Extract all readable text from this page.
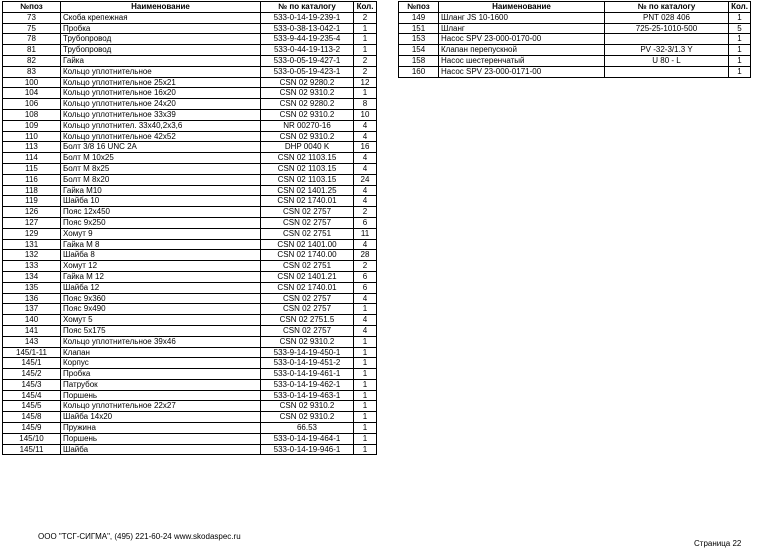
№поз	Наименование	№ по каталогу	Кол.
73	Скоба крепежная	533-0-14-19-239-1	2
75	Пробка	533-0-38-13-042-1	1
78	Трубопровод	533-9-44-19-235-4	1
81	Трубопровод	533-0-44-19-113-2	1
82	Гайка	533-0-05-19-427-1	2
83	Кольцо уплотнительное	533-0-05-19-423-1	2
100	Кольцо уплотнительное 25x21	CSN 02 9280.2	12
104	Кольцо уплотнительное 16x20	CSN 02 9310.2	1
106	Кольцо уплотнительное 24x20	CSN 02 9280.2	8
108	Кольцо уплотнительное 33x39	CSN 02 9310.2	10
109	Кольцо уплотнител. 33x40,2x3,6	NR 00270-16	4
110	Кольцо уплотнительное 42x52	CSN 02 9310.2	4
113	Болт 3/8 16 UNC 2A	DHP 0040 K	16
114	Болт М 10x25	CSN 02 1103.15	4
115	Болт М 8x25	CSN 02 1103.15	4
116	Болт М 8x20	CSN 02 1103.15	24
118	Гайка М10	CSN 02 1401.25	4
119	Шайба 10	CSN 02 1740.01	4
126	Пояс 12x450	CSN 02 2757	2
127	Пояс 9x250	CSN 02 2757	6
129	Хомут 9	CSN 02 2751	11
131	Гайка М 8	CSN 02 1401.00	4
132	Шайба 8	CSN 02 1740.00	28
133	Хомут 12	CSN 02 2751	2
134	Гайка М 12	CSN 02 1401.21	6
135	Шайба 12	CSN 02 1740.01	6
136	Пояс 9x360	CSN 02 2757	4
137	Пояс 9x490	CSN 02 2757	1
140	Хомут 5	CSN 02 2751.5	4
141	Пояс 5x175	CSN 02 2757	4
143	Кольцо уплотнительное 39x46	CSN 02 9310.2	1
145/1-11	Клапан	533-9-14-19-450-1	1
145/1	Корпус	533-0-14-19-451-2	1
145/2	Пробка	533-0-14-19-461-1	1
145/3	Патрубок	533-0-14-19-462-1	1
145/4	Поршень	533-0-14-19-463-1	1
145/5	Кольцо уплотнительное 22x27	CSN 02 9310.2	1
145/8	Шайба 14x20	CSN 02 9310.2	1
145/9	Пружина	66.53	1
145/10	Поршень	533-0-14-19-464-1	1
145/11	Шайба	533-0-14-19-946-1	1
№поз	Наименование	№ по каталогу	Кол.
149	Шланг JS 10-1600	PNT 028 406	1
151	Шланг	725-25-1010-500	5
153	Насос SPV 23-000-0170-00		1
154	Клапан перепускной	PV -32-3/1.3 Y	1
158	Насос шестеренчатый	U 80 - L	1
160	Насос SPV 23-000-0171-00		1
ООО "ТСГ-СИГМА", (495) 221-60-24 www.skodaspec.ru
Страница 22
